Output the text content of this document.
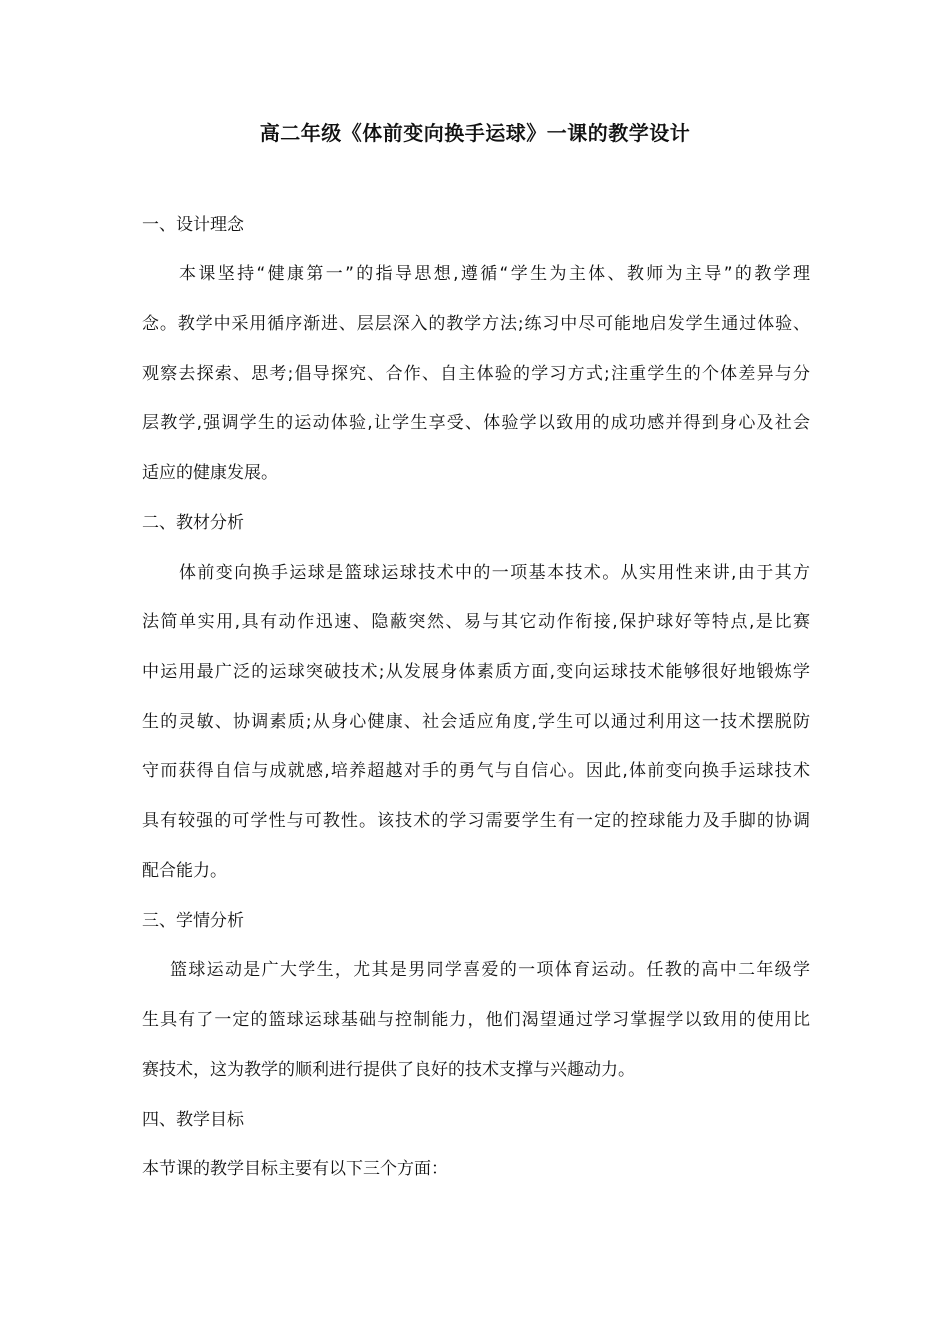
高二年级《体前变向换手运球》一课的教学设计
一、设计理念
本课坚持“健康第一”的指导思想,遵循“学生为主体、教师为主导”的教学理
念。教学中采用循序渐进、层层深入的教学方法;练习中尽可能地启发学生通过体验、
观察去探索、思考;倡导探究、合作、自主体验的学习方式;注重学生的个体差异与分
层教学,强调学生的运动体验,让学生享受、体验学以致用的成功感并得到身心及社会
适应的健康发展。
二、教材分析
体前变向换手运球是篮球运球技术中的一项基本技术。从实用性来讲,由于其方
法简单实用,具有动作迅速、隐蔽突然、易与其它动作衔接,保护球好等特点,是比赛
中运用最广泛的运球突破技术;从发展身体素质方面,变向运球技术能够很好地锻炼学
生的灵敏、协调素质;从身心健康、社会适应角度,学生可以通过利用这一技术摆脱防
守而获得自信与成就感,培养超越对手的勇气与自信心。因此,体前变向换手运球技术
具有较强的可学性与可教性。该技术的学习需要学生有一定的控球能力及手脚的协调
配合能力。
三、学情分析
篮球运动是广大学生，尤其是男同学喜爱的一项体育运动。任教的高中二年级学
生具有了一定的篮球运球基础与控制能力，他们渴望通过学习掌握学以致用的使用比
赛技术，这为教学的顺利进行提供了良好的技术支撑与兴趣动力。
四、教学目标
本节课的教学目标主要有以下三个方面：
